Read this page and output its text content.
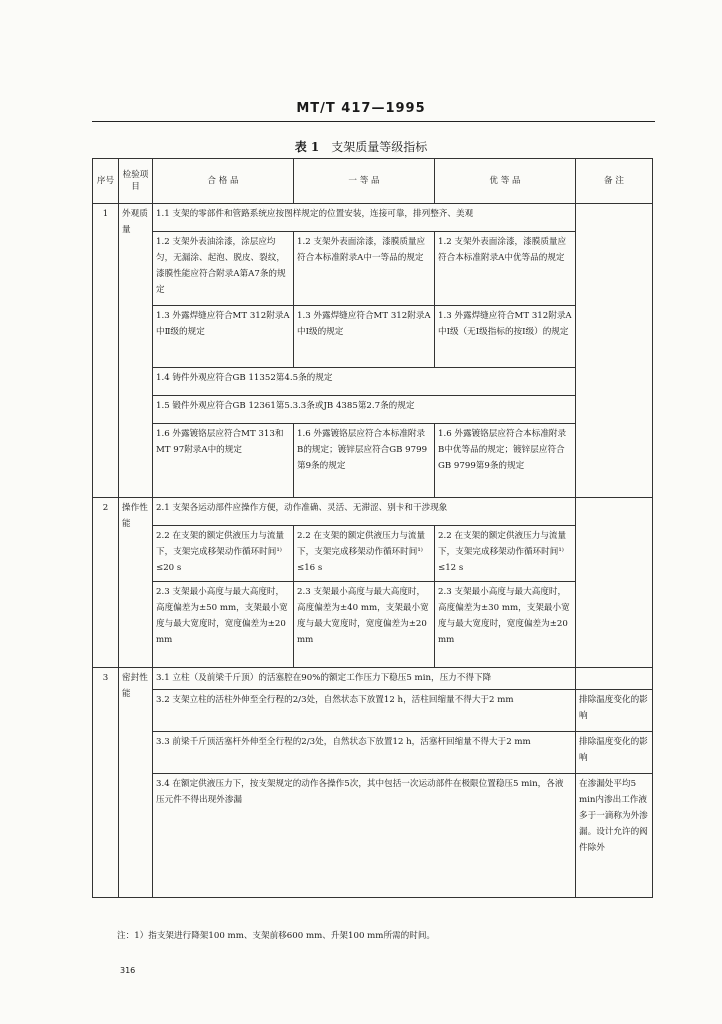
MT/T 417—1995
表 1 支架质量等级指标
序号	检验项目	合 格 品	一 等 品	优 等 品	备 注
1	外观质量	1.1 支架的零部件和管路系统应按图样规定的位置安装，连接可靠，排列整齐、美观			
		1.2 支架外表油涂漆，涂层应均匀，无漏涂、起泡、脱皮、裂纹，漆膜性能应符合附录A第A7条的规定	1.2 支架外表面涂漆，漆膜质量应符合本标准附录A中一等品的规定	1.2 支架外表面涂漆，漆膜质量应符合本标准附录A中优等品的规定	
		1.3 外露焊缝应符合MT 312附录A中Ⅱ级的规定	1.3 外露焊缝应符合MT 312附录A中Ⅰ级的规定	1.3 外露焊缝应符合MT 312附录A中Ⅰ级（无Ⅰ级指标的按Ⅰ级）的规定	
		1.4 铸件外观应符合GB 11352第4.5条的规定			
		1.5 锻件外观应符合GB 12361第5.3.3条或JB 4385第2.7条的规定			
		1.6 外露镀铬层应符合MT 313和MT 97附录A中的规定	1.6 外露镀铬层应符合本标准附录B的规定；镀锌层应符合GB 9799第9条的规定	1.6 外露镀铬层应符合本标准附录B中优等品的规定；镀锌层应符合GB 9799第9条的规定	
2	操作性能	2.1 支架各运动部件应操作方便，动作准确、灵活、无滞涩、别卡和干涉现象			
		2.2 在支架的额定供液压力与流量下，支架完成移架动作循环时间¹⁾≤20 s	2.2 在支架的额定供液压力与流量下，支架完成移架动作循环时间¹⁾≤16 s	2.2 在支架的额定供液压力与流量下，支架完成移架动作循环时间¹⁾≤12 s	
		2.3 支架最小高度与最大高度时，高度偏差为±50 mm，支架最小宽度与最大宽度时，宽度偏差为±20 mm	2.3 支架最小高度与最大高度时，高度偏差为±40 mm，支架最小宽度与最大宽度时，宽度偏差为±20 mm	2.3 支架最小高度与最大高度时，高度偏差为±30 mm，支架最小宽度与最大宽度时，宽度偏差为±20 mm	
3	密封性能	3.1 立柱（及前梁千斤顶）的活塞腔在90%的额定工作压力下稳压5 min，压力不得下降			
		3.2 支架立柱的活柱外伸至全行程的2/3处，自然状态下放置12 h，活柱回缩量不得大于2 mm			排除温度变化的影响
		3.3 前梁千斤顶活塞杆外伸至全行程的2/3处，自然状态下放置12 h，活塞杆回缩量不得大于2 mm			排除温度变化的影响
		3.4 在额定供液压力下，按支架规定的动作各操作5次，其中包括一次运动部件在极限位置稳压5 min，各液压元件不得出现外渗漏			在渗漏处平均5 min内渗出工作液多于一滴称为外渗漏。设计允许的阀件除外
注：1）指支架进行降架100 mm、支架前移600 mm、升架100 mm所需的时间。
316
